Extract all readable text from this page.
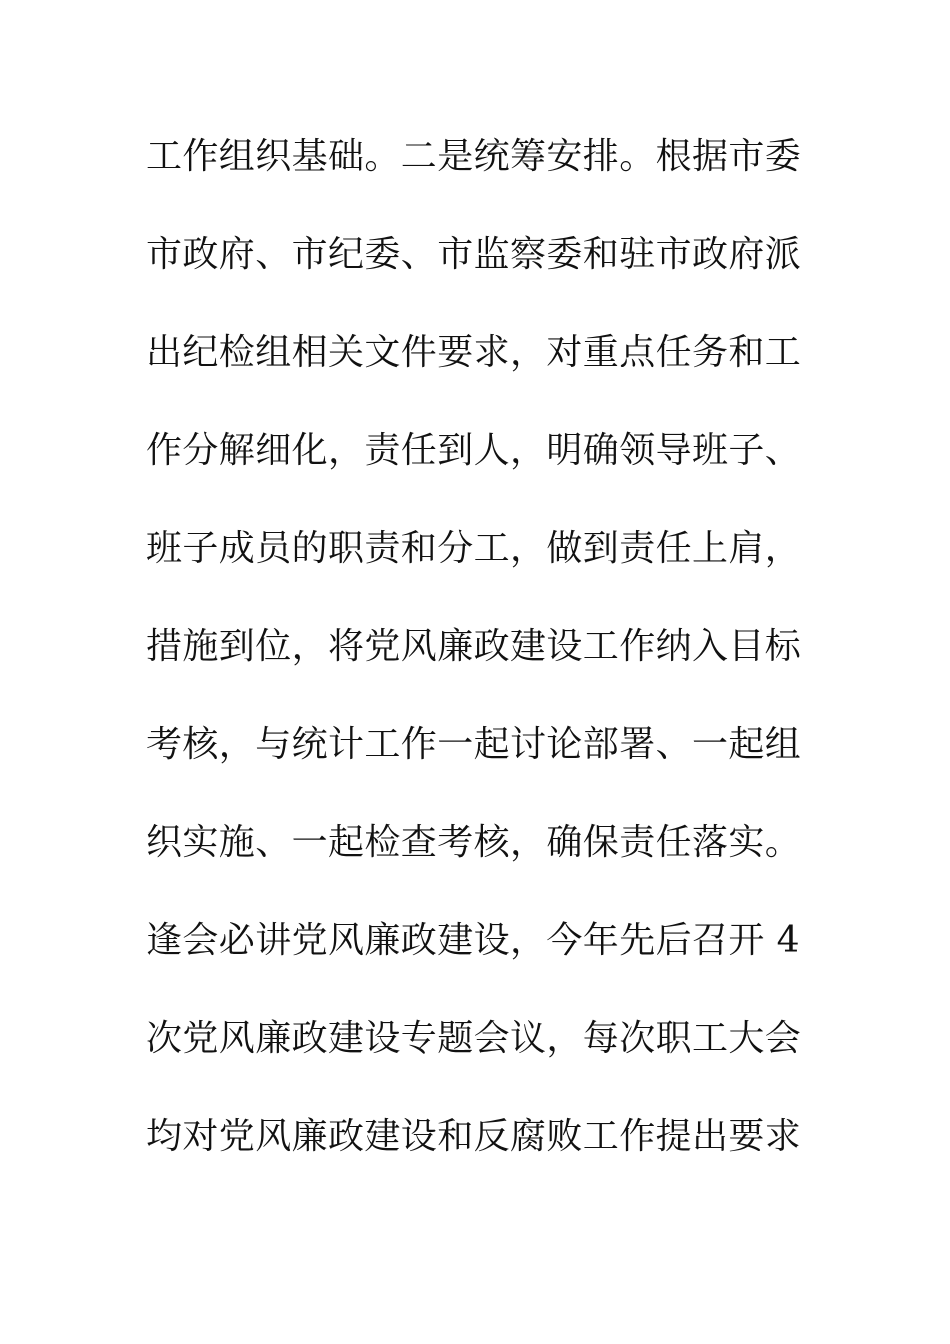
工作组织基础。二是统筹安排。根据市委
市政府、市纪委、市监察委和驻市政府派
出纪检组相关文件要求，对重点任务和工
作分解细化，责任到人，明确领导班子、
班子成员的职责和分工，做到责任上肩，
措施到位，将党风廉政建设工作纳入目标
考核，与统计工作一起讨论部署、一起组
织实施、一起检查考核，确保责任落实。
逢会必讲党风廉政建设，今年先后召开 4
次党风廉政建设专题会议，每次职工大会
均对党风廉政建设和反腐败工作提出要求
